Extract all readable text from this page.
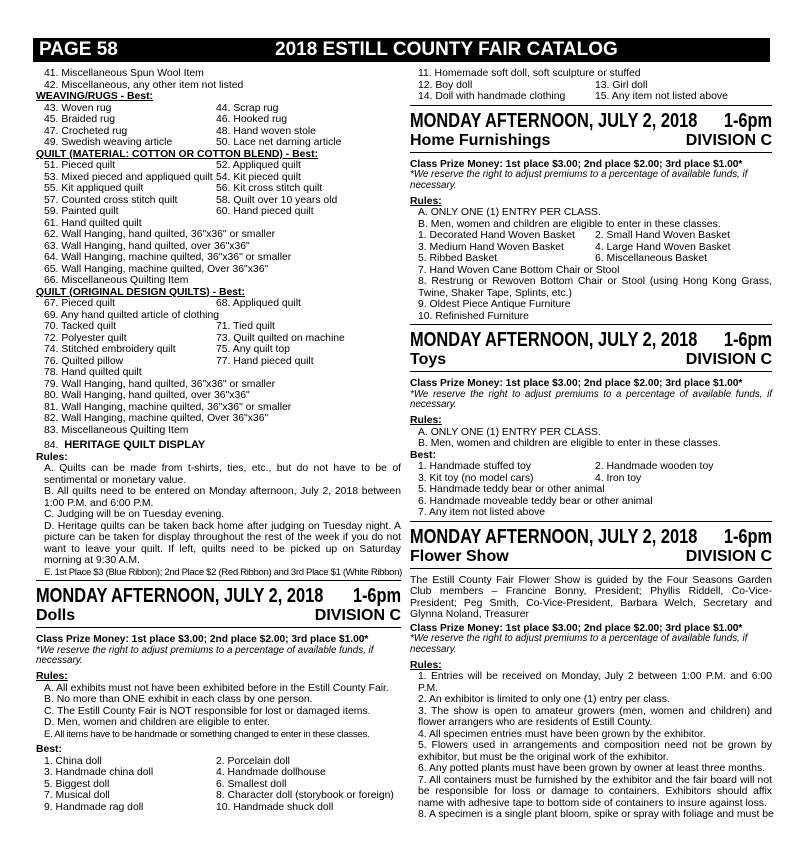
PAGE 58	2018 ESTILL COUNTY FAIR CATALOG
41. Miscellaneous Spun Wool Item
42. Miscellaneous, any other item not listed
WEAVING/RUGS - Best:
43. Woven rug	44. Scrap rug
45. Braided rug	46. Hooked rug
47. Crocheted rug	48. Hand woven stole
49. Swedish weaving article	50. Lace net darning article
QUILT (MATERIAL: COTTON OR COTTON BLEND) - Best:
51. Pieced quilt	52. Appliqued quilt
53. Mixed pieced and appliqued quilt 54. Kit pieced quilt
55. Kit appliqued quilt	56. Kit cross stitch quilt
57. Counted cross stitch quilt	58. Quilt over 10 years old
59. Painted quilt	60. Hand pieced quilt
61. Hand quilted quilt
62. Wall Hanging, hand quilted, 36"x36" or smaller
63. Wall Hanging, hand quilted, over 36"x36"
64. Wall Hanging, machine quilted, 36"x36" or smaller
65. Wall Hanging, machine quilted, Over 36"x36"
66. Miscellaneous Quilting Item
QUILT (ORIGINAL DESIGN QUILTS) - Best:
67. Pieced quilt	68. Appliqued quilt
69. Any hand quilted article of clothing
70. Tacked quilt	71. Tied quilt
72. Polyester quilt	73. Quilt quilted on machine
74. Stitched embroidery quilt	75. Any quilt top
76. Quilted pillow	77. Hand pieced quilt
78. Hand quilted quilt
79. Wall Hanging, hand quilted, 36"x36" or smaller
80. Wall Hanging, hand quilted, over 36"x36"
81. Wall Hanging, machine quilted, 36"x36" or smaller
82. Wall Hanging, machine quilted, Over 36"x36"
83. Miscellaneous Quilting Item
84. HERITAGE QUILT DISPLAY
Rules:
A. Quilts can be made from t-shirts, ties, etc., but do not have to be of sentimental or monetary value.
B. All quilts need to be entered on Monday afternoon, July 2, 2018 between 1:00 P.M. and 6:00 P.M.
C. Judging will be on Tuesday evening.
D. Heritage quilts can be taken back home after judging on Tuesday night. A picture can be taken for display throughout the rest of the week if you do not want to leave your quilt. If left, quilts need to be picked up on Saturday morning at 9:30 A.M.
E. 1st Place $3 (Blue Ribbon); 2nd Place $2 (Red Ribbon) and 3rd Place $1 (White Ribbon)
MONDAY AFTERNOON, JULY 2, 2018 1-6pm
Dolls	DIVISION C
Class Prize Money: 1st place $3.00; 2nd place $2.00; 3rd place $1.00*
*We reserve the right to adjust premiums to a percentage of available funds, if necessary.
Rules:
A. All exhibits must not have been exhibited before in the Estill County Fair.
B. No more than ONE exhibit in each class by one person.
C. The Estill County Fair is NOT responsible for lost or damaged items.
D. Men, women and children are eligible to enter.
E. All items have to be handmade or something changed to enter in these classes.
Best:
1. China doll	2. Porcelain doll
3. Handmade china doll	4. Handmade dollhouse
5. Biggest doll	6. Smallest doll
7. Musical doll	8. Character doll (storybook or foreign)
9. Handmade rag doll	10. Handmade shuck doll
11. Homemade soft doll, soft sculpture or stuffed
12. Boy doll	13. Girl doll
14. Doll with handmade clothing	15. Any item not listed above
MONDAY AFTERNOON, JULY 2, 2018 1-6pm
Home Furnishings	DIVISION C
Class Prize Money: 1st place $3.00; 2nd place $2.00; 3rd place $1.00*
*We reserve the right to adjust premiums to a percentage of available funds, if necessary.
Rules:
A. ONLY ONE (1) ENTRY PER CLASS.
B. Men, women and children are eligible to enter in these classes.
1. Decorated Hand Woven Basket	2. Small Hand Woven Basket
3. Medium Hand Woven Basket	4. Large Hand Woven Basket
5. Ribbed Basket	6. Miscellaneous Basket
7. Hand Woven Cane Bottom Chair or Stool
8. Restrung or Rewoven Bottom Chair or Stool (using Hong Kong Grass, Twine, Shaker Tape, Splints, etc.)
9. Oldest Piece Antique Furniture
10. Refinished Furniture
MONDAY AFTERNOON, JULY 2, 2018 1-6pm
Toys	DIVISION C
Class Prize Money: 1st place $3.00; 2nd place $2.00; 3rd place $1.00*
*We reserve the right to adjust premiums to a percentage of available funds, if necessary.
Rules:
A. ONLY ONE (1) ENTRY PER CLASS.
B. Men, women and children are eligible to enter in these classes.
Best:
1. Handmade stuffed toy	2. Handmade wooden toy
3. Kit toy (no model cars)	4. Iron toy
5. Handmade teddy bear or other animal
6. Handmade moveable teddy bear or other animal
7. Any item not listed above
MONDAY AFTERNOON, JULY 2, 2018 1-6pm
Flower Show	DIVISION C
The Estill County Fair Flower Show is guided by the Four Seasons Garden Club members – Francine Bonny, President; Phyllis Riddell, Co-Vice-President; Peg Smith, Co-Vice-President, Barbara Welch, Secretary and Glynna Noland, Treasurer
Class Prize Money: 1st place $3.00; 2nd place $2.00; 3rd place $1.00*
*We reserve the right to adjust premiums to a percentage of available funds, if necessary.
Rules:
1. Entries will be received on Monday, July 2 between 1:00 P.M. and 6:00 P.M.
2. An exhibitor is limited to only one (1) entry per class.
3. The show is open to amateur growers (men, women and children) and flower arrangers who are residents of Estill County.
4. All specimen entries must have been grown by the exhibitor.
5. Flowers used in arrangements and composition need not be grown by exhibitor, but must be the original work of the exhibitor.
6. Any potted plants must have been grown by owner at least three months.
7. All containers must be furnished by the exhibitor and the fair board will not be responsible for loss or damage to containers. Exhibitors should affix name with adhesive tape to bottom side of containers to insure against loss.
8. A specimen is a single plant bloom, spike or spray with foliage and must be
